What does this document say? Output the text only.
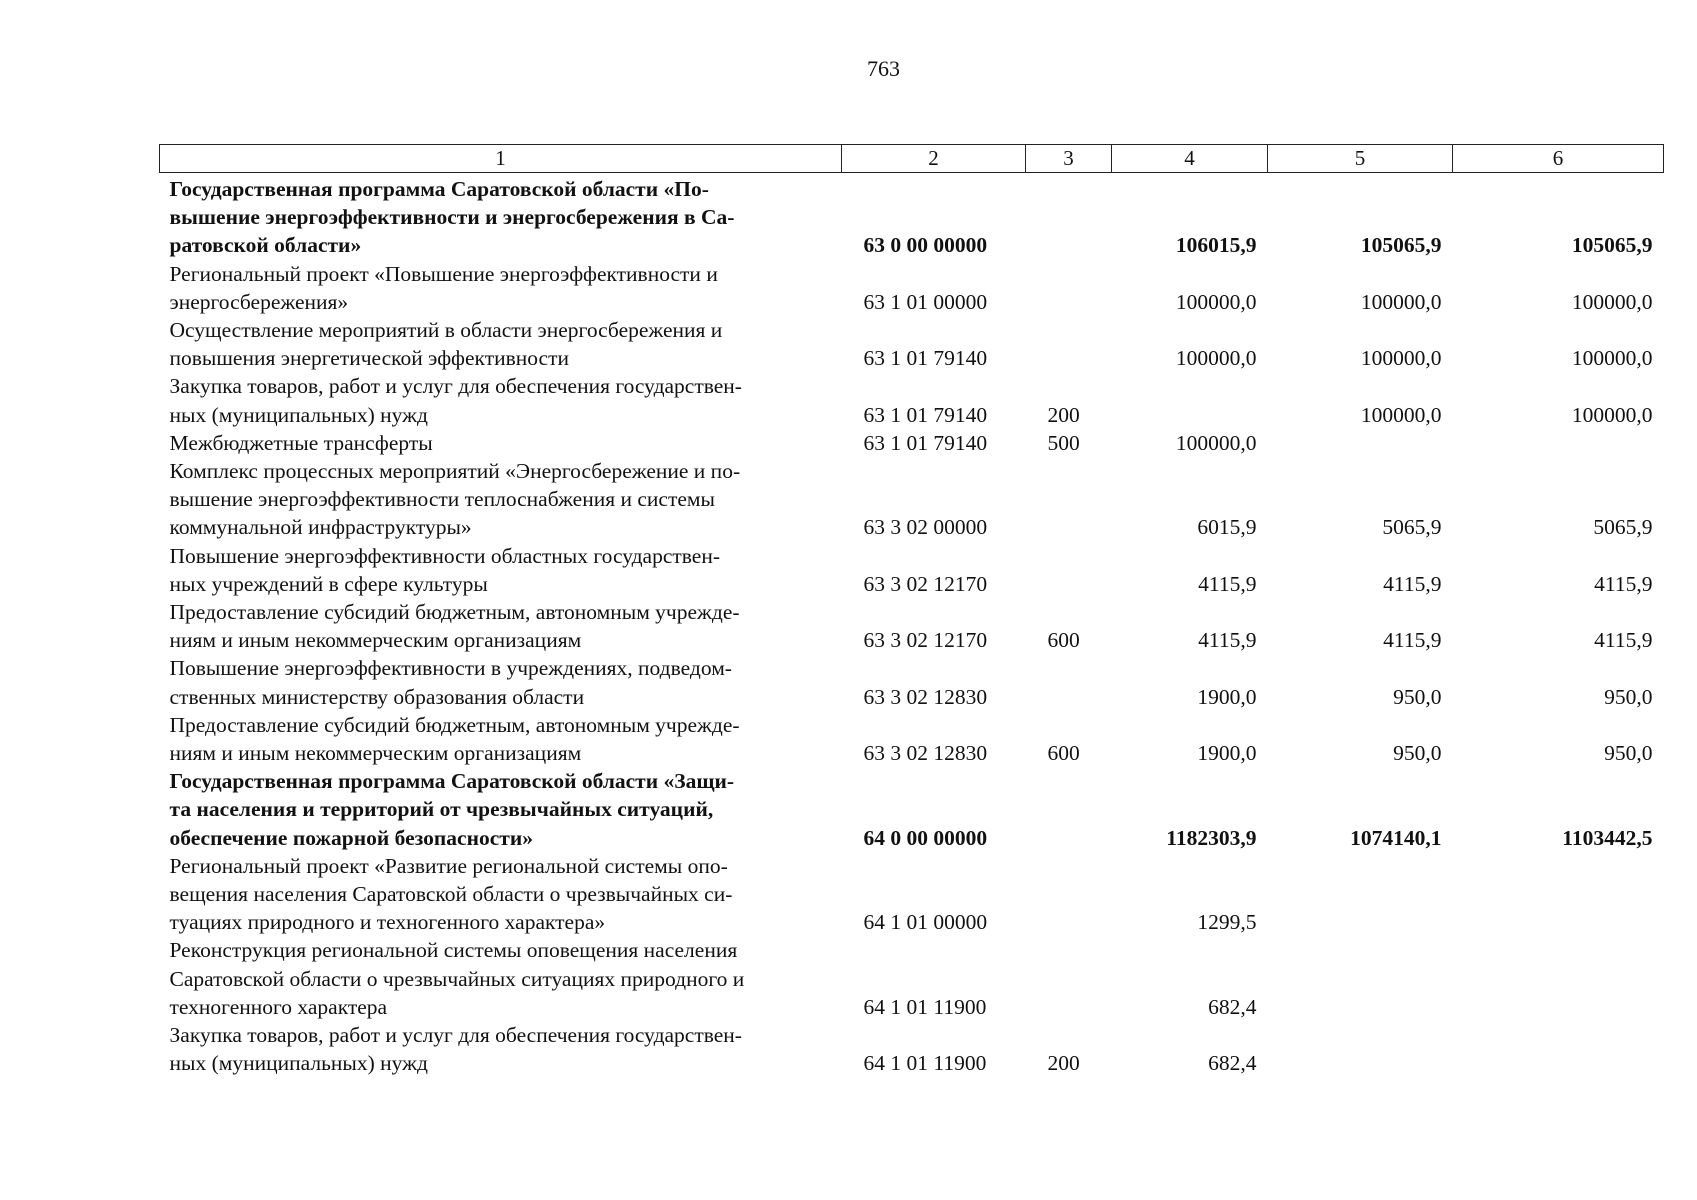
763
1	2	3	4	5	6

Государственная программа Саратовской области «По-
вышение энергоэффективности и энергосбережения в Са-
ратовской области»	63 0 00 00000		106015,9	105065,9	105065,9

Региональный проект «Повышение энергоэффективности и
энергосбережения»	63 1 01 00000		100000,0	100000,0	100000,0

Осуществление мероприятий в области энергосбережения и
повышения энергетической эффективности	63 1 01 79140		100000,0	100000,0	100000,0

Закупка товаров, работ и услуг для обеспечения государствен-
ных (муниципальных) нужд	63 1 01 79140	200		100000,0	100000,0

Межбюджетные трансферты	63 1 01 79140	500	100000,0		

Комплекс процессных мероприятий «Энергосбережение и по-
вышение энергоэффективности теплоснабжения и системы
коммунальной инфраструктуры»	63 3 02 00000		6015,9	5065,9	5065,9

Повышение энергоэффективности областных государствен-
ных учреждений в сфере культуры	63 3 02 12170		4115,9	4115,9	4115,9

Предоставление субсидий бюджетным, автономным учрежде-
ниям и иным некоммерческим организациям	63 3 02 12170	600	4115,9	4115,9	4115,9

Повышение энергоэффективности в учреждениях, подведом-
ственных министерству образования области	63 3 02 12830		1900,0	950,0	950,0

Предоставление субсидий бюджетным, автономным учрежде-
ниям и иным некоммерческим организациям	63 3 02 12830	600	1900,0	950,0	950,0

Государственная программа Саратовской области «Защи-
та населения и территорий от чрезвычайных ситуаций,
обеспечение пожарной безопасности»	64 0 00 00000		1182303,9	1074140,1	1103442,5

Региональный проект «Развитие региональной системы опо-
вещения населения Саратовской области о чрезвычайных си-
туациях природного и техногенного характера»	64 1 01 00000		1299,5		

Реконструкция региональной системы оповещения населения
Саратовской области о чрезвычайных ситуациях природного и
техногенного характера	64 1 01 11900		682,4		

Закупка товаров, работ и услуг для обеспечения государствен-
ных (муниципальных) нужд	64 1 01 11900	200	682,4		
